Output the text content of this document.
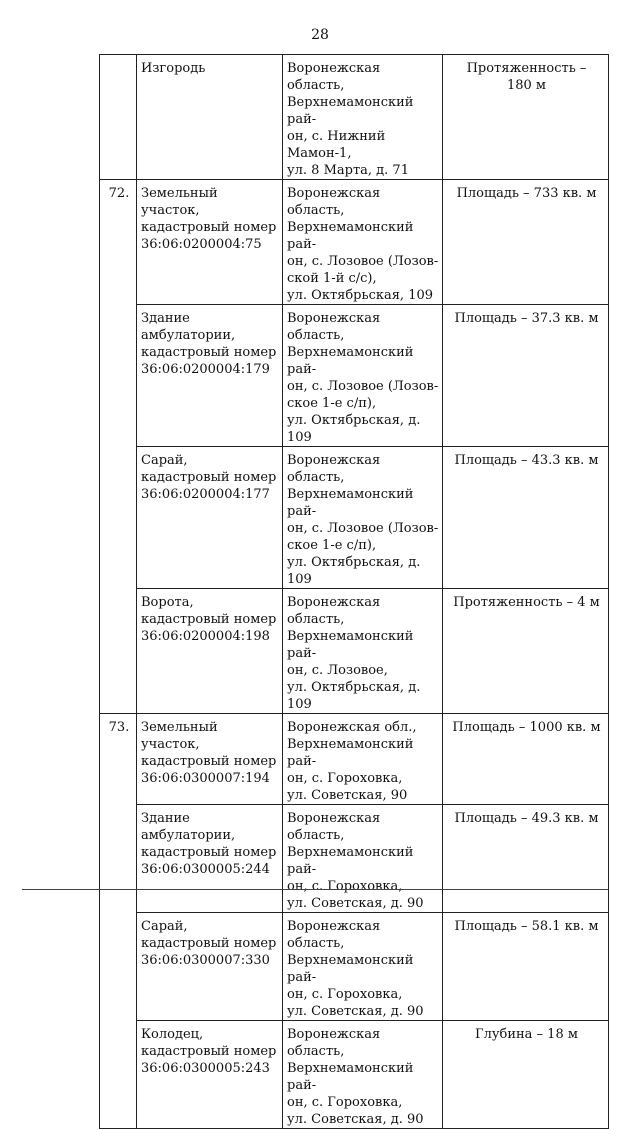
28
	Изгородь	Воронежская область,
Верхнемамонский рай-
он, с. Нижний Мамон-1,
ул. 8 Марта, д. 71	Протяженность –
180 м
72.	Земельный участок,
кадастровый номер
36:06:0200004:75	Воронежская область,
Верхнемамонский рай-
он, с. Лозовое (Лозов-
ской 1-й с/с),
ул. Октябрьская, 109	Площадь – 733 кв. м
	Здание амбулатории,
кадастровый номер
36:06:0200004:179	Воронежская область,
Верхнемамонский рай-
он, с. Лозовое (Лозов-
ское 1-е с/п),
ул. Октябрьская, д. 109	Площадь – 37.3 кв. м
	Сарай,
кадастровый номер
36:06:0200004:177	Воронежская область,
Верхнемамонский рай-
он, с. Лозовое (Лозов-
ское 1-е с/п),
ул. Октябрьская, д. 109	Площадь – 43.3 кв. м
	Ворота,
кадастровый номер
36:06:0200004:198	Воронежская область,
Верхнемамонский рай-
он, с. Лозовое,
ул. Октябрьская, д. 109	Протяженность – 4 м
73.	Земельный участок,
кадастровый номер
36:06:0300007:194	Воронежская обл.,
Верхнемамонский рай-
он, с. Гороховка,
ул. Советская, 90	Площадь – 1000 кв. м
	Здание амбулатории,
кадастровый номер
36:06:0300005:244	Воронежская область,
Верхнемамонский рай-
он, с. Гороховка,
ул. Советская, д. 90	Площадь – 49.3 кв. м
	Сарай,
кадастровый номер
36:06:0300007:330	Воронежская область,
Верхнемамонский рай-
он, с. Гороховка,
ул. Советская, д. 90	Площадь – 58.1 кв. м
	Колодец,
кадастровый номер
36:06:0300005:243	Воронежская область,
Верхнемамонский рай-
он, с. Гороховка,
ул. Советская, д. 90	Глубина – 18 м
